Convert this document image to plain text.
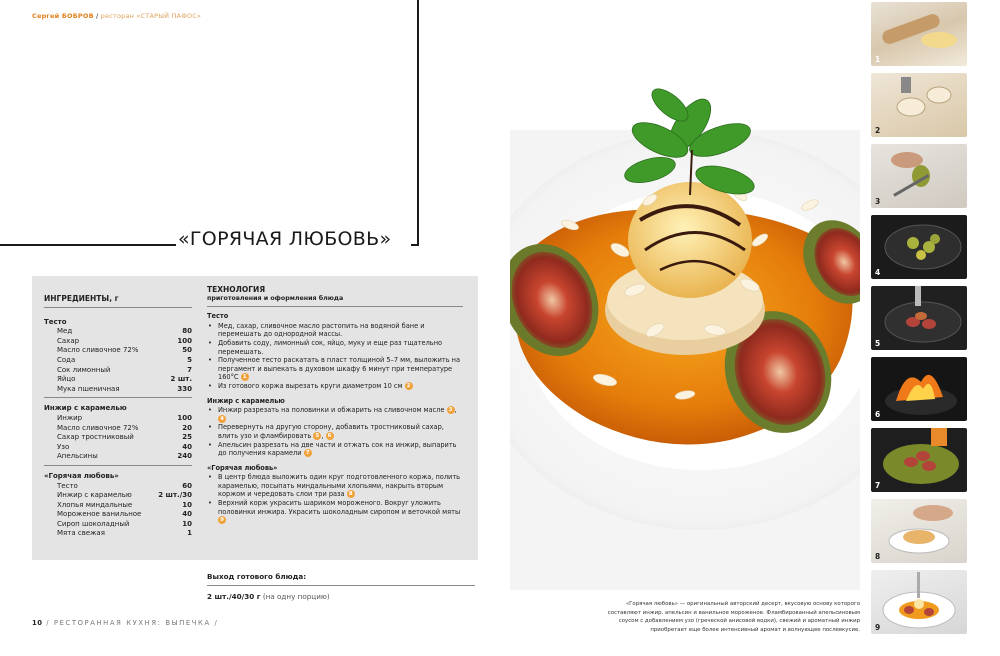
Сергей БОБРОВ / ресторан «СТАРЫЙ ПАФОС»
«ГОРЯЧАЯ ЛЮБОВЬ»
ИНГРЕДИЕНТЫ, г
Тесто
Мед	80
Сахар	100
Масло сливочное 72%	50
Сода	5
Сок лимонный	7
Яйцо	2 шт.
Мука пшеничная	330
Инжир с карамелью
Инжир	100
Масло сливочное 72%	20
Сахар тростниковый	25
Узо	40
Апельсины	240
«Горячая любовь»
Тесто	60
Инжир с карамелью	2 шт./30
Хлопья миндальные	10
Мороженое ванильное	40
Сироп шоколадный	10
Мята свежая	1
ТЕХНОЛОГИЯ
приготовления и оформления блюда
Тесто
• Мед, сахар, сливочное масло растопить на водяной бане и перемешать до однородной массы.
• Добавить соду, лимонный сок, яйцо, муку и еще раз тщательно перемешать.
• Полученное тесто раскатать в пласт толщиной 5–7 мм, выложить на пергамент и выпекать в духовом шкафу 6 минут при температуре 160°С 1
• Из готового коржа вырезать круги диаметром 10 см 2
Инжир с карамелью
• Инжир разрезать на половинки и обжарить на сливочном масле 3 , 4
• Перевернуть на другую сторону, добавить тростниковый сахар, влить узо и фламбировать 5 , 6
• Апельсин разрезать на две части и отжать сок на инжир, выпарить до получения карамели 7
«Горячая любовь»
• В центр блюда выложить один круг подготовленного коржа, полить карамелью, посыпать миндальными хлопьями, накрыть вторым коржом и чередовать слои три раза 8
• Верхний корж украсить шариком мороженого. Вокруг уложить половинки инжира. Украсить шоколадным сиропом и веточкой мяты 9
Выход готового блюда:
2 шт./40/30 г (на одну порцию)
10 / РЕСТОРАННАЯ КУХНЯ: ВЫПЕЧКА /
1
2
3
4
5
6
7
8
9
«Горячая любовь» — оригинальный авторский десерт, вкусовую основу которого составляют инжир, апельсин и ванильное мороженое. Фламбированный апельсиновым соусом с добавлением узо (греческой анисовой водки), свежий и ароматный инжир приобретает еще более интенсивный аромат и волнующее послевкусие.
